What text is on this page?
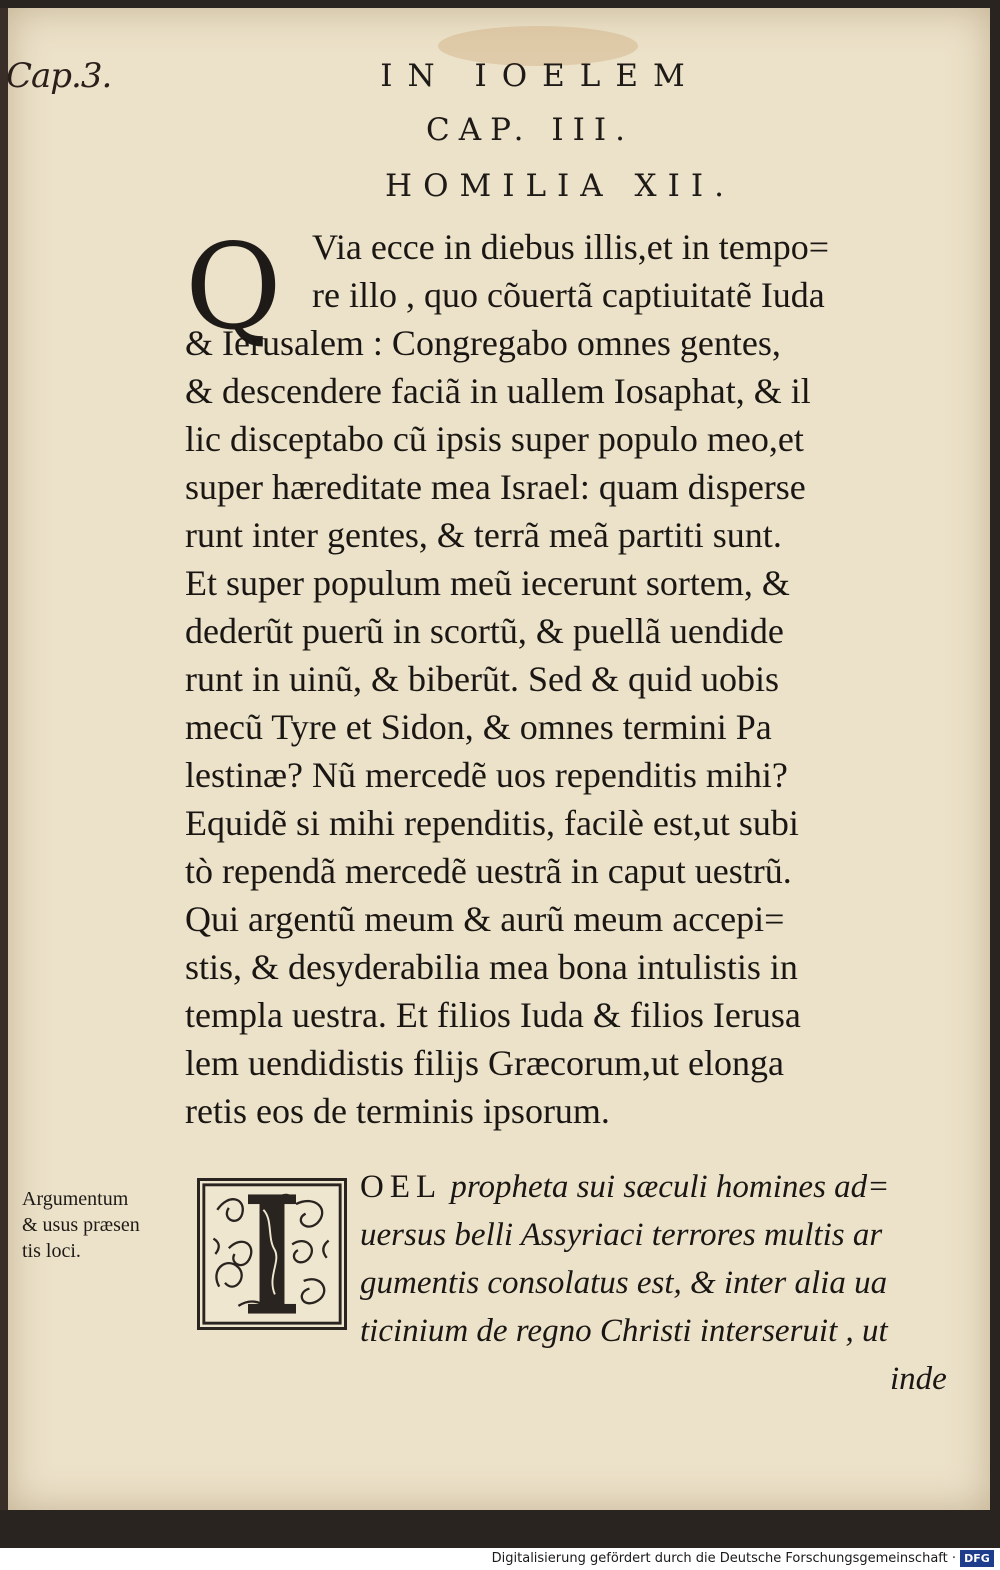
Cap.3.	IN IOELEM
CAP. III.
HOMILIA XII.
Q Via ecce in diebus illis,et in tempo=
re illo , quo cõuertã captiuitatẽ Iuda
& Ierusalem : Congregabo omnes gentes,
& descendere faciã in uallem Iosaphat, & il
lic disceptabo cũ ipsis super populo meo,et
super hæreditate mea Israel: quam disperse
runt inter gentes, & terrã meã partiti sunt.
Et super populum meũ iecerunt sortem, &
dederũt puerũ in scortũ, & puellã uendide
runt in uinũ, & biberũt. Sed & quid uobis
mecũ Tyre et Sidon, & omnes termini Pa
lestinæ? Nũ mercedẽ uos rependitis mihi?
Equidẽ si mihi rependitis, facilè est,ut subi
tò rependã mercedẽ uestrã in caput uestrũ.
Qui argentũ meum & aurũ meum accepi=
stis, & desyderabilia mea bona intulistis in
templa uestra. Et filios Iuda & filios Ierusa
lem uendidistis filijs Græcorum,ut elonga
retis eos de terminis ipsorum.
Argumentum
& usus præsen
tis loci.
OEL propheta sui sæculi homines ad=
uersus belli Assyriaci terrores multis ar
gumentis consolatus est, & inter alia ua
ticinium de regno Christi interseruit , ut
inde
Digitalisierung gefördert durch die Deutsche Forschungsgemeinschaft · DFG
